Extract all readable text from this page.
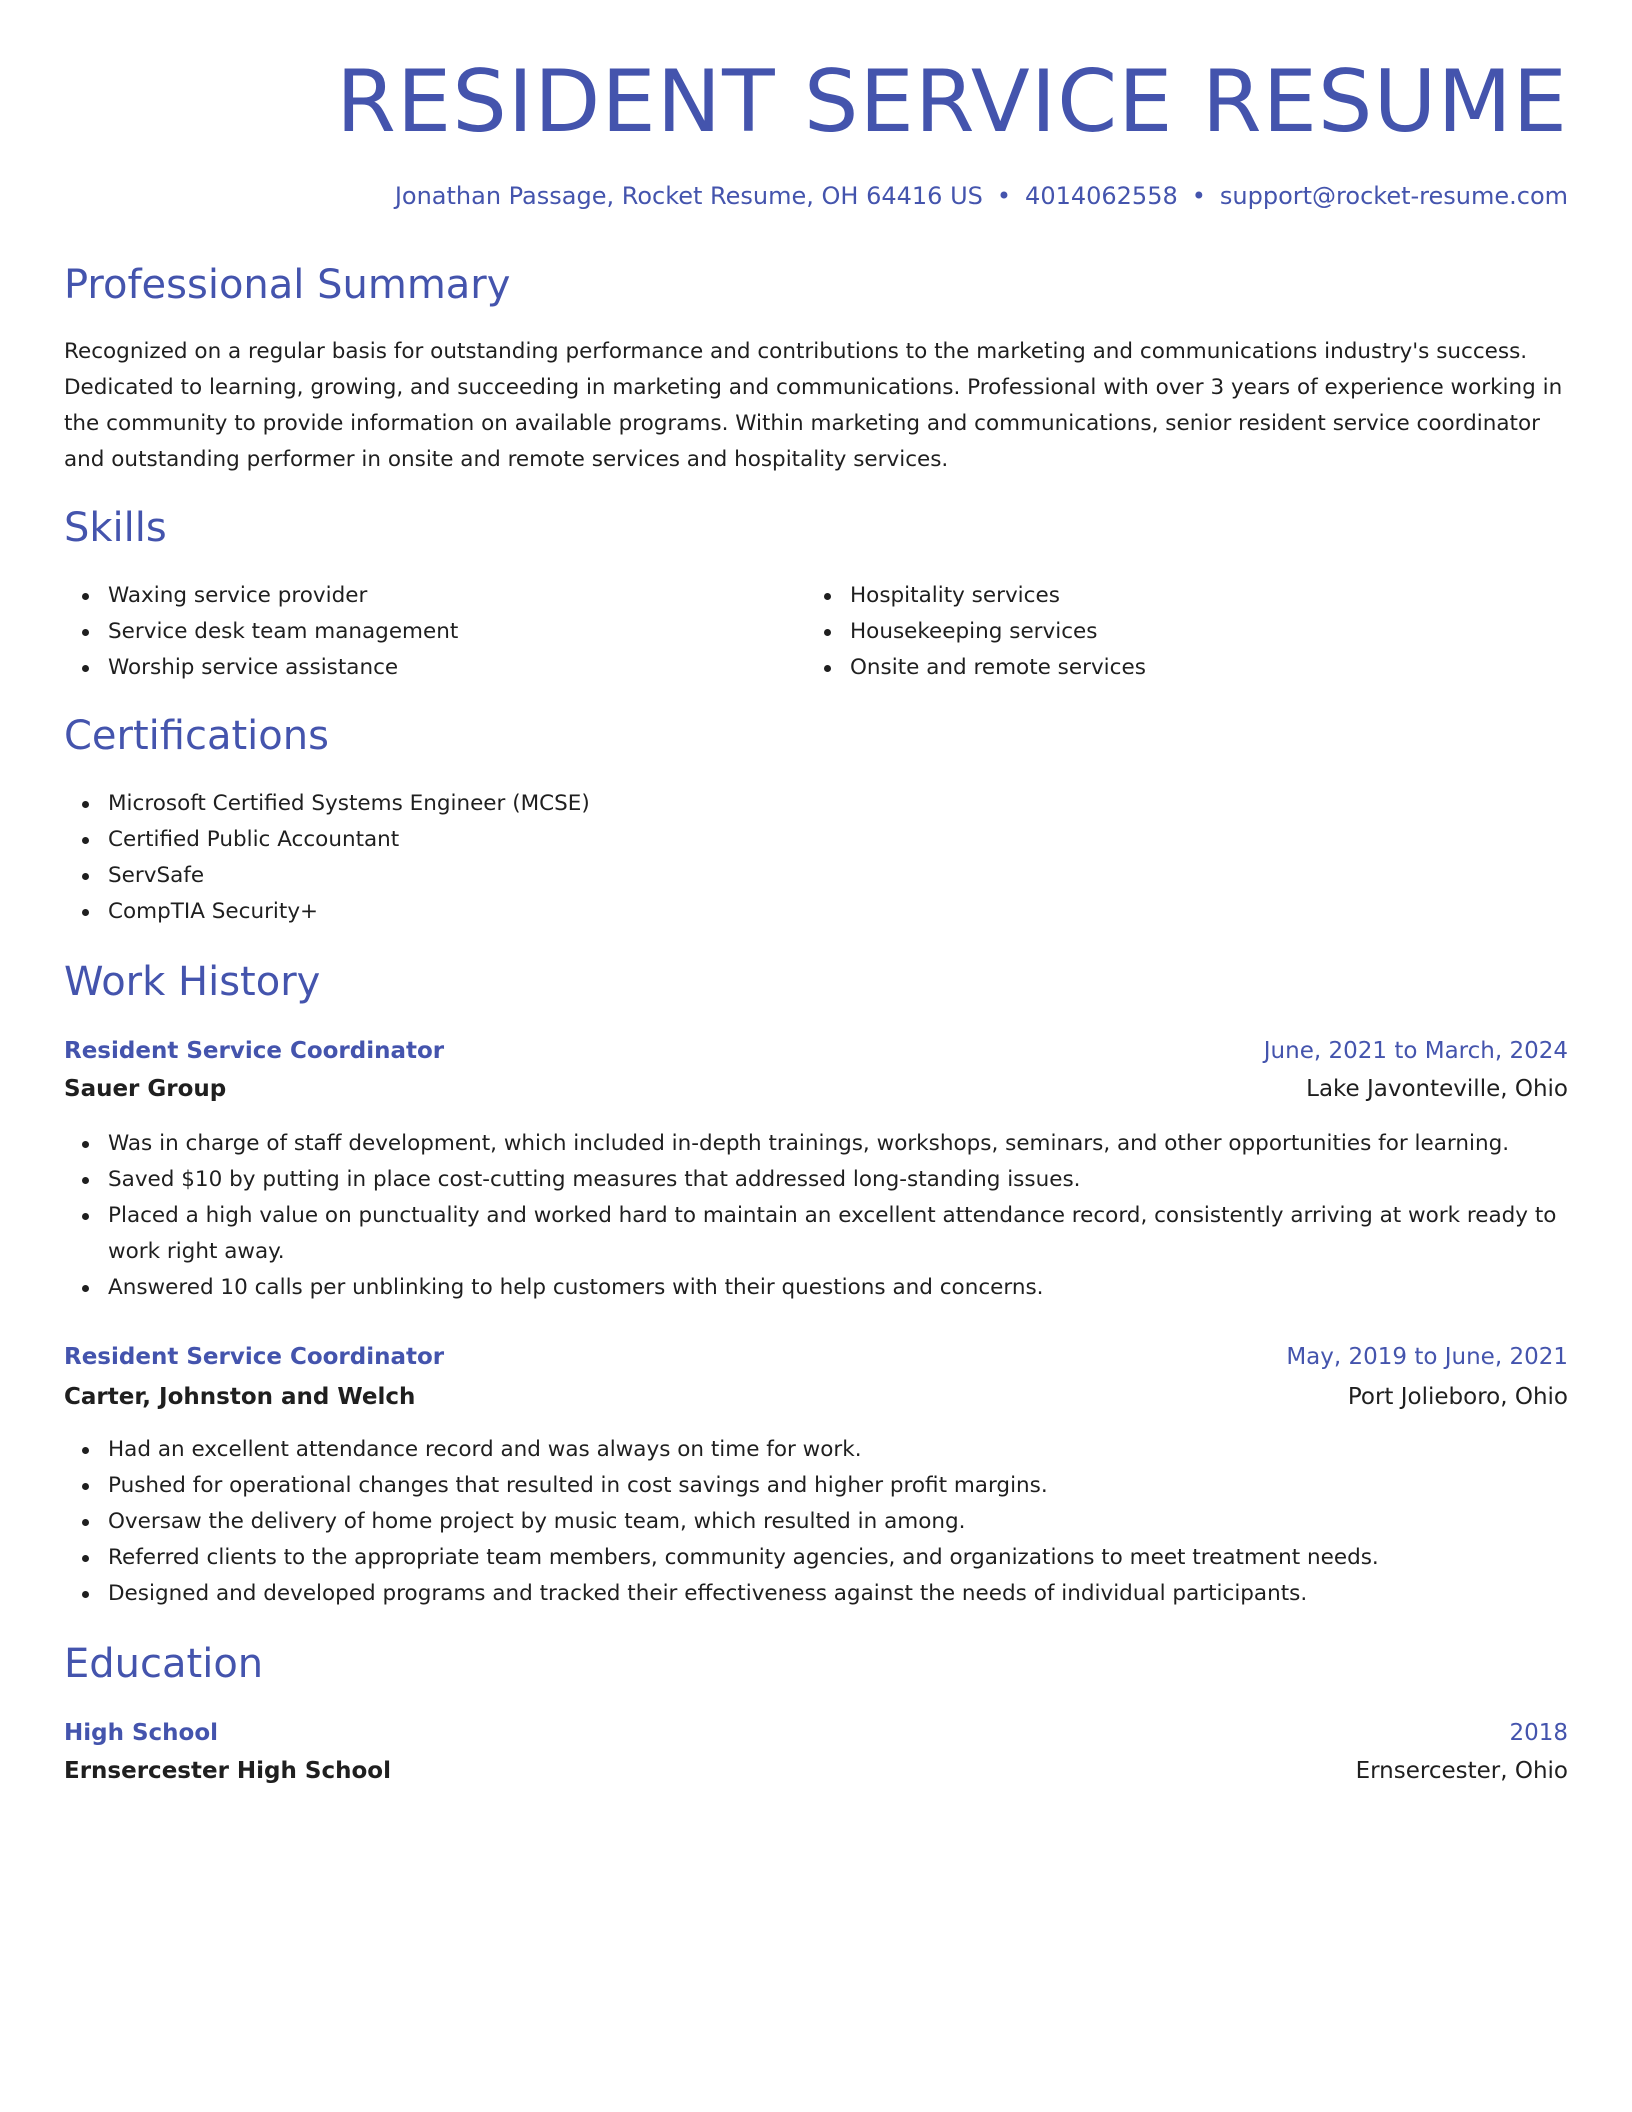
RESIDENT SERVICE RESUME
Jonathan Passage, Rocket Resume, OH 64416 US • 4014062558 • support@rocket-resume.com
Professional Summary

Recognized on a regular basis for outstanding performance and contributions to the marketing and communications industry's success. Dedicated to learning, growing, and succeeding in marketing and communications. Professional with over 3 years of experience working in the community to provide information on available programs. Within marketing and communications, senior resident service coordinator and outstanding performer in onsite and remote services and hospitality services.

Skills
Waxing service provider
Service desk team management
Worship service assistance
Hospitality services
Housekeeping services
Onsite and remote services
Certifications
Microsoft Certified Systems Engineer (MCSE)
Certified Public Accountant
ServSafe
CompTIA Security+
Work History
Resident Service Coordinator	June, 2021 to March, 2024
Sauer Group	Lake Javonteville, Ohio
Was in charge of staff development, which included in-depth trainings, workshops, seminars, and other opportunities for learning.
Saved $10 by putting in place cost-cutting measures that addressed long-standing issues.
Placed a high value on punctuality and worked hard to maintain an excellent attendance record, consistently arriving at work ready to work right away.
Answered 10 calls per unblinking to help customers with their questions and concerns.
Resident Service Coordinator	May, 2019 to June, 2021
Carter, Johnston and Welch	Port Jolieboro, Ohio
Had an excellent attendance record and was always on time for work.
Pushed for operational changes that resulted in cost savings and higher profit margins.
Oversaw the delivery of home project by music team, which resulted in among.
Referred clients to the appropriate team members, community agencies, and organizations to meet treatment needs.
Designed and developed programs and tracked their effectiveness against the needs of individual participants.
Education
High School	2018
Ernsercester High School	Ernsercester, Ohio
